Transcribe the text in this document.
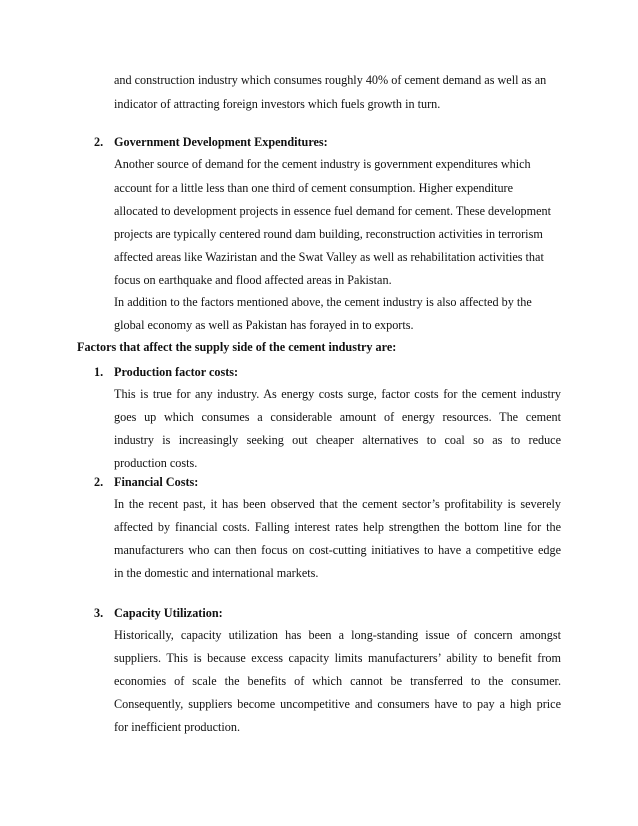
and construction industry which consumes roughly 40% of cement demand as well as an
indicator of attracting foreign investors which fuels growth in turn.
2. Government Development Expenditures:
Another source of demand for the cement industry is government expenditures which
account for a little less than one third of cement consumption. Higher expenditure
allocated to development projects in essence fuel demand for cement. These development
projects are typically centered round dam building, reconstruction activities in terrorism
affected areas like Waziristan and the Swat Valley as well as rehabilitation activities that
focus on earthquake and flood affected areas in Pakistan.
In addition to the factors mentioned above, the cement industry is also affected by the
global economy as well as Pakistan has forayed in to exports.
Factors that affect the supply side of the cement industry are:
1. Production factor costs:
This is true for any industry. As energy costs surge, factor costs for the cement industry
goes up which consumes a considerable amount of energy resources. The cement
industry is increasingly seeking out cheaper alternatives to coal so as to reduce
production costs.
2. Financial Costs:
In the recent past, it has been observed that the cement sector’s profitability is severely
affected by financial costs. Falling interest rates help strengthen the bottom line for the
manufacturers who can then focus on cost-cutting initiatives to have a competitive edge
in the domestic and international markets.
3. Capacity Utilization:
Historically, capacity utilization has been a long-standing issue of concern amongst
suppliers. This is because excess capacity limits manufacturers’ ability to benefit from
economies of scale the benefits of which cannot be transferred to the consumer.
Consequently, suppliers become uncompetitive and consumers have to pay a high price
for inefficient production.
